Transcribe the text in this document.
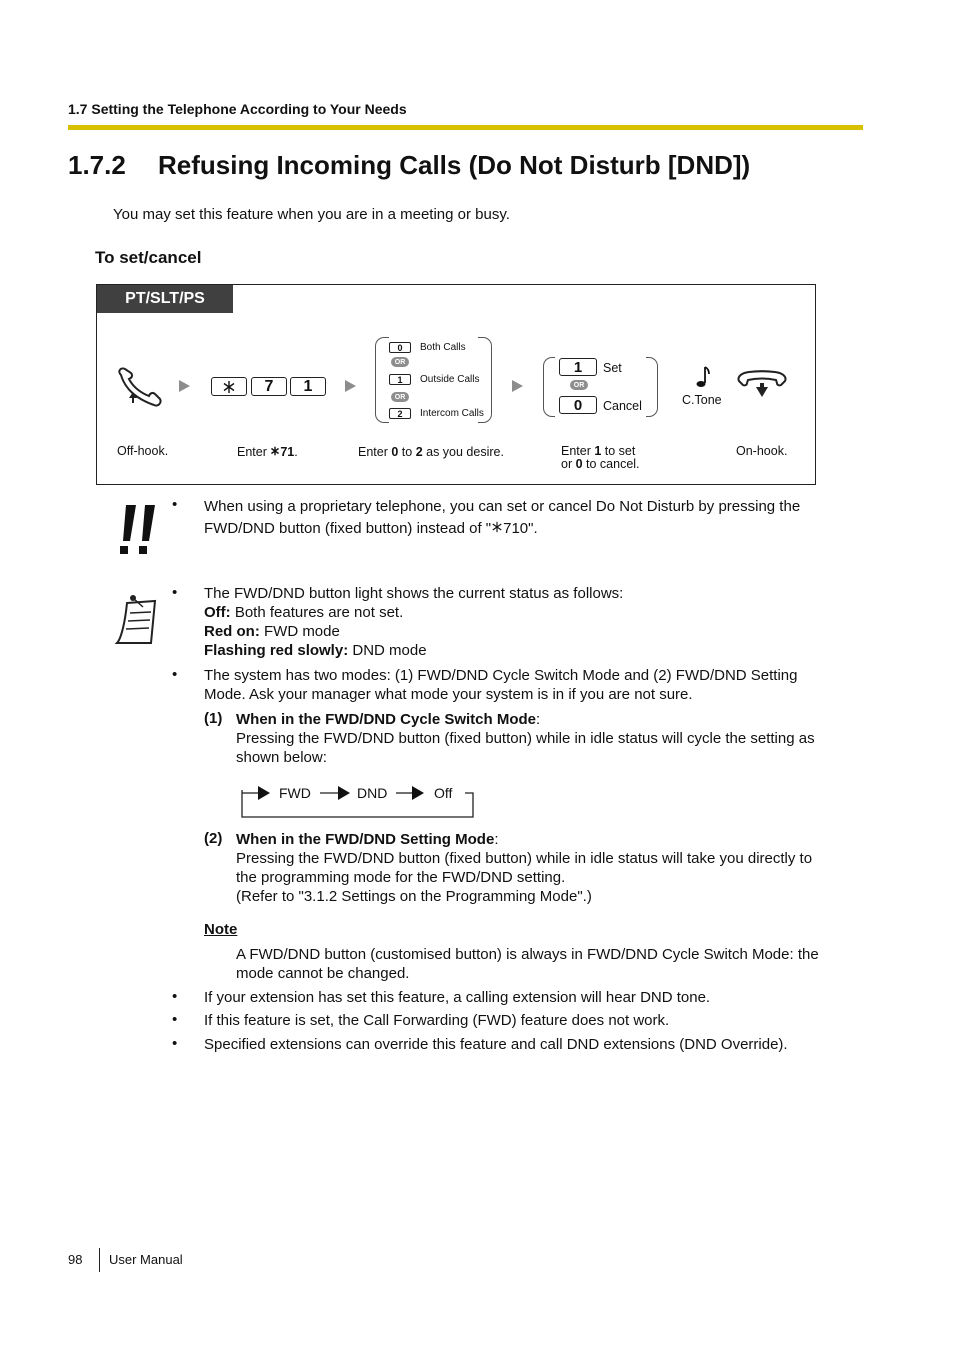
1.7 Setting the Telephone According to Your Needs
1.7.2 Refusing Incoming Calls (Do Not Disturb [DND])
You may set this feature when you are in a meeting or busy.
To set/cancel
PT/SLT/PS
7	1
0	Both Calls
OR
1	Outside Calls
OR
2	Intercom Calls
1	Set
OR
0	Cancel	C.Tone
Off-hook.	Enter 71.	Enter 0 to 2 as you desire.	Enter 1 to set
or 0 to cancel.
On-hook.
• When using a proprietary telephone, you can set or cancel Do Not Disturb by pressing the

FWD/DND button (fixed button) instead of " 710".

• The FWD/DND button light shows the current status as follows:

Off: Both features are not set.

Red on: FWD mode

Flashing red slowly: DND mode

• The system has two modes: (1) FWD/DND Cycle Switch Mode and (2) FWD/DND Setting

Mode. Ask your manager what mode your system is in if you are not sure.

(1) When in the FWD/DND Cycle Switch Mode:

Pressing the FWD/DND button (fixed button) while in idle status will cycle the setting as

shown below:

FWD	DND	Off
(2) When in the FWD/DND Setting Mode:

Pressing the FWD/DND button (fixed button) while in idle status will take you directly to

the programming mode for the FWD/DND setting.

(Refer to "3.1.2 Settings on the Programming Mode".)

Note

A FWD/DND button (customised button) is always in FWD/DND Cycle Switch Mode: the

mode cannot be changed.

• If your extension has set this feature, a calling extension will hear DND tone.
• If this feature is set, the Call Forwarding (FWD) feature does not work.
• Specified extensions can override this feature and call DND extensions (DND Override).
98 User Manual
